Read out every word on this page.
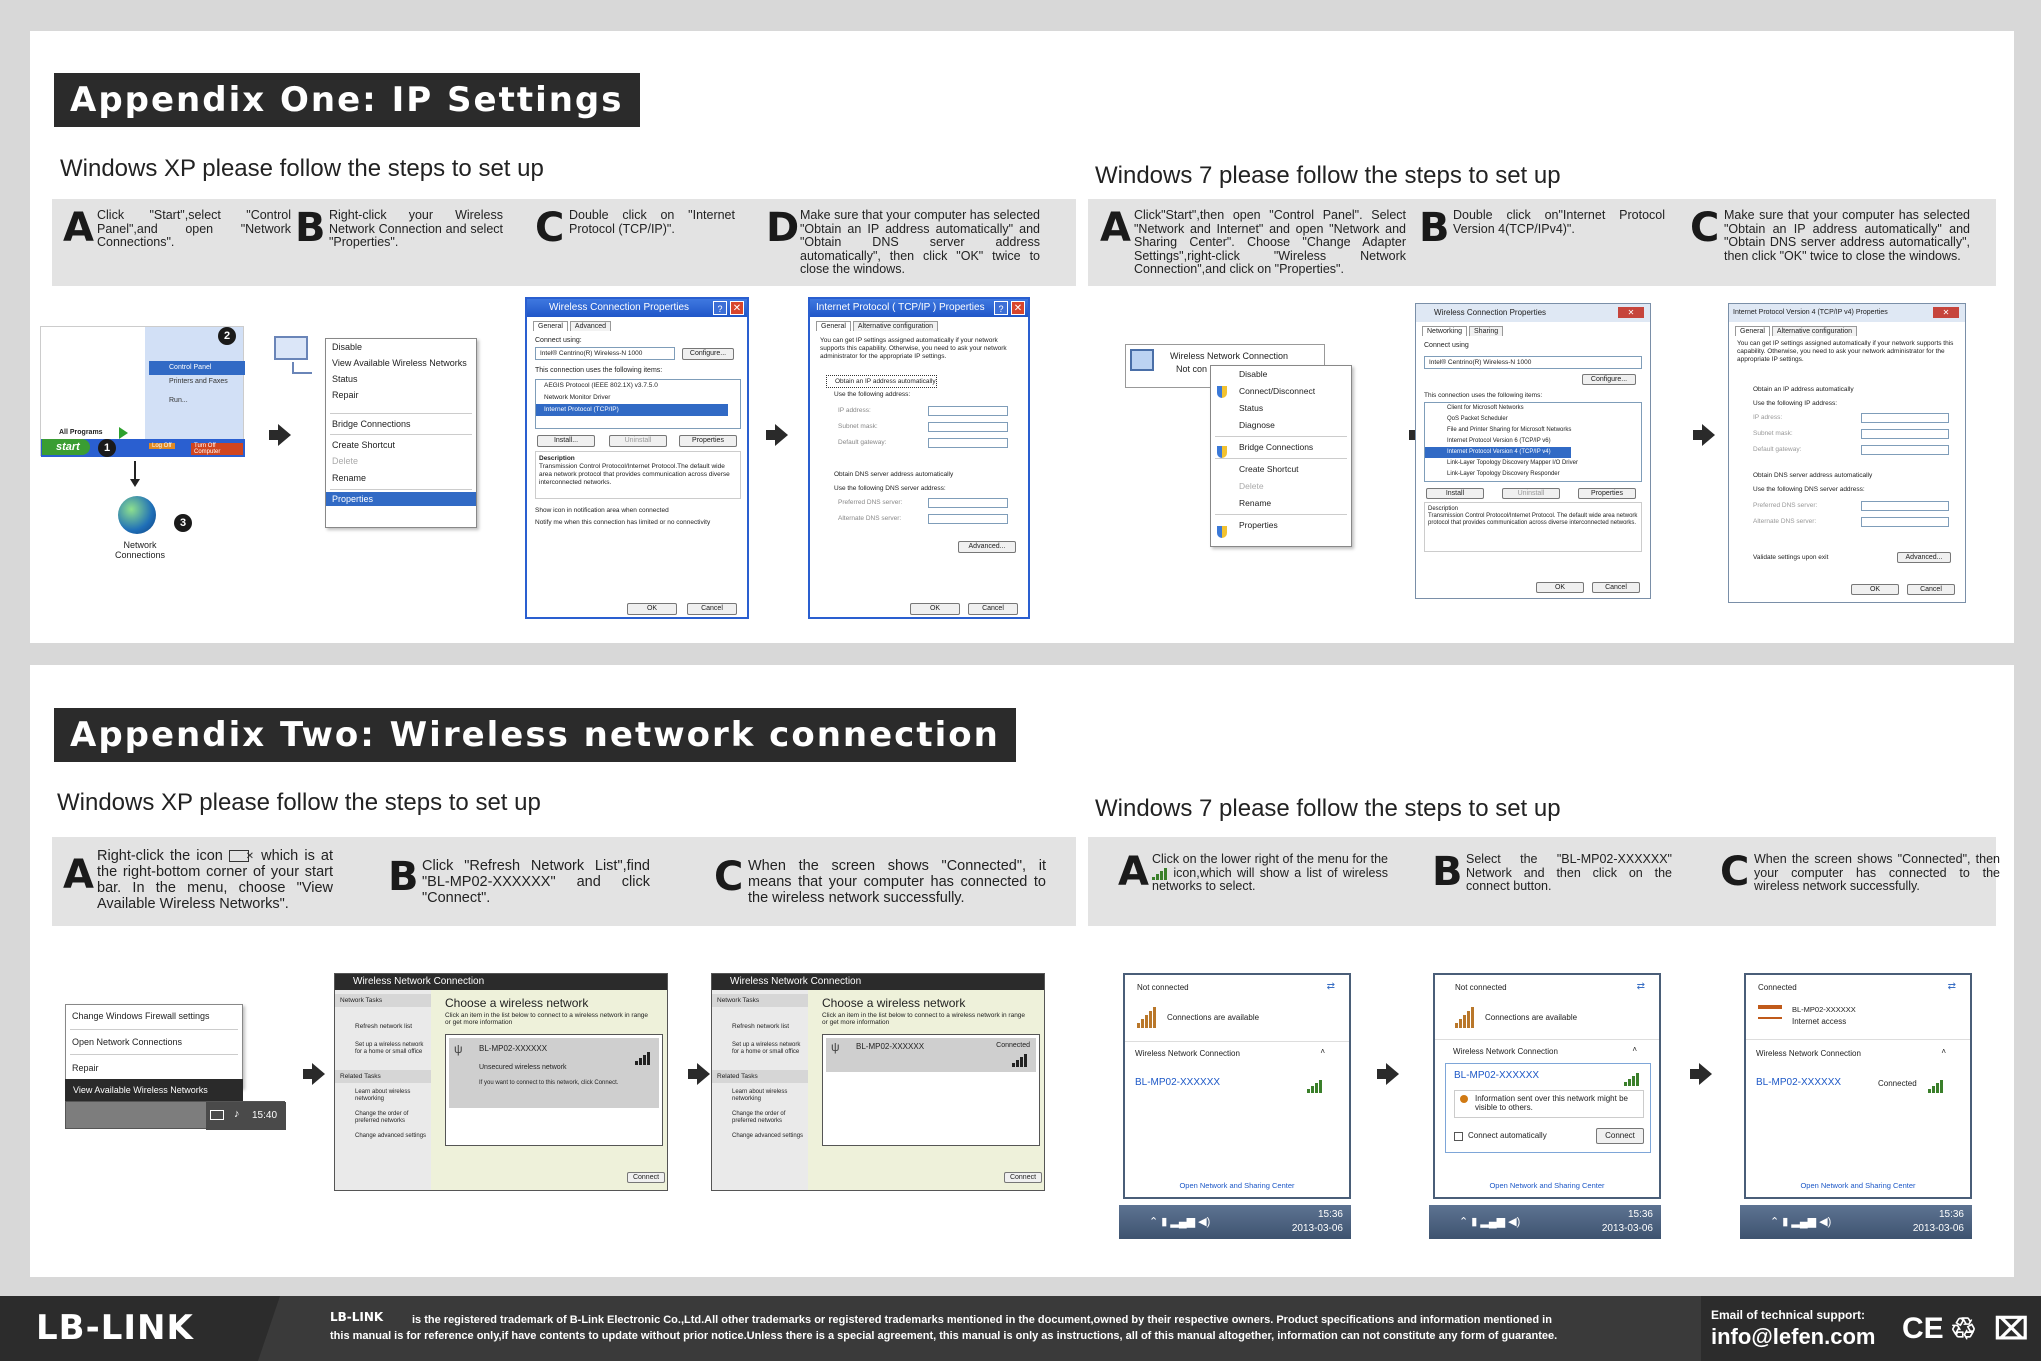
Appendix One: IP Settings
Windows XP please follow the steps to set up	Windows 7 please follow the steps to set up
A Click "Start",select "Control Panel",and open "Network Connections".	B Right-click your Wireless Network Connection and select "Properties".	C Double click on "Internet Protocol (TCP/IP)".	D Make sure that your computer has selected "Obtain an IP address automatically" and "Obtain DNS server address automatically", then click "OK" twice to close the windows.
A Click"Start",then open "Control Panel". Select "Network and Internet" and open "Network and Sharing Center". Choose "Change Adapter Settings",right-click "Wireless Network Connection",and click on "Properties".
B Double click on"Internet Protocol Version 4(TCP/IPv4)".	C Make sure that your computer has selected "Obtain an IP address automatically" and "Obtain DNS server address automatically", then click "OK" twice to close the windows.
Control Panel
Printers and Faxes
Run...
All Programs
Log Off	Turn Off Computer
start	1
2
3
Network Connections
Disable
View Available Wireless Networks
Status
Repair
Bridge Connections
Create Shortcut
Delete
Rename
Properties
Wireless Connection Properties	?	✕
General	Advanced
Connect using:
Intel® Centrino(R) Wireless-N 1000	Configure...
This connection uses the following items:
AEGIS Protocol (IEEE 802.1X) v3.7.5.0
Network Monitor Driver
Internet Protocol (TCP/IP)
Install...	Uninstall	Properties
Description
Transmission Control Protocol/Internet Protocol.The default wide area network protocol that provides communication across diverse interconnected networks.
Show icon in notification area when connected
Notify me when this connection has limited or no connectivity
OK	Cancel
Internet Protocol ( TCP/IP ) Properties	?	✕
General	Alternative configuration
You can get IP settings assigned automatically if your network supports this capability. Otherwise, you need to ask your network administrator for the appropriate IP settings.
Obtain an IP address automatically
Use the following address:
IP address:
Subnet mask:
Default gateway:
Obtain DNS server address automatically
Use the following DNS server address:
Preferred DNS server:
Alternate DNS server:
Advanced...
OK	Cancel
Wireless Network Connection
Not con	Disable
Connect/Disconnect
Status
Diagnose
Bridge Connections
Create Shortcut
Delete
Rename
Properties
Wireless Connection Properties	✕
Networking	Sharing
Connect using
Intel® Centrino(R) Wireless-N 1000
Configure...
This connection uses the following items:
Client for Microsoft Networks
QoS Packet Scheduler
File and Printer Sharing for Microsoft Networks
Internet Protocol Version 6 (TCP/IP v6)
Internet Protocol Version 4 (TCP/IP v4)
Link-Layer Topology Discovery Mapper I/O Driver
Link-Layer Topology Discovery Responder
Install	Uninstall	Properties
Description
Transmission Control Protocol/Internet Protocol. The default wide area network protocol that provides communication across diverse interconnected networks.
OK	Cancel
Internet Protocol Version 4 (TCP/IP v4) Properties	✕
General	Alternative configuration
You can get IP settings assigned automatically if your network supports this capability. Otherwise, you need to ask your network administrator for the appropriate IP settings.
Obtain an IP address automatically
Use the following IP address:
IP adress:
Subnet mask:
Default gateway:
Obtain DNS server address automatically
Use the following DNS server address:
Preferred DNS server:
Alternate DNS server:
Validate settings upon exit	Advanced...
OK	Cancel
Appendix Two: Wireless network connection
Windows XP please follow the steps to set up	Windows 7 please follow the steps to set up
A Right-click the icon ✕ which is at the right-bottom corner of your start bar. In the menu, choose "View Available Wireless Networks".
B Click "Refresh Network List",find "BL-MP02-XXXXXX" and click "Connect".	C When the screen shows "Connected", it means that your computer has connected to the wireless network successfully.
A Click on the lower right of the menu for the  icon,which will show a list of wireless networks to select.	B Select the "BL-MP02-XXXXXX" Network and then click on the connect button.	C When the screen shows "Connected", then your computer has connected to the wireless network successfully.
Change Windows Firewall settings
Open Network Connections
Repair
View Available Wireless Networks
♪ 15:40
Wireless Network Connection
Network Tasks
Refresh network list
Set up a wireless network for a home or small office
Related Tasks
Learn about wireless networking
Change the order of preferred networks
Change advanced settings
Choose a wireless network
Click an item in the list below to connect to a wireless network in range or get more information
ψ BL-MP02-XXXXXX
Unsecured wireless network
If you want to connect to this network, click Connect.
Connect
Wireless Network Connection
Network Tasks
Refresh network list
Set up a wireless network for a home or small office
Related Tasks
Learn about wireless networking
Change the order of preferred networks
Change advanced settings
Choose a wireless network
Click an item in the list below to connect to a wireless network in range or get more information
ψ BL-MP02-XXXXXX	Connected
Connect
Not connected	⇄
Connections are available
Wireless Network Connection	˄
BL-MP02-XXXXXX
Open Network and Sharing Center
⌃ ▮ ▂▄▆ ◀)
15:36
2013-03-06
Not connected	⇄
Connections are available
Wireless Network Connection	˄
BL-MP02-XXXXXX
Information sent over this network might be visible to others.
Connect automatically	Connect
Open Network and Sharing Center
⌃ ▮ ▂▄▆ ◀)
15:36
2013-03-06
Connected	⇄
BL-MP02-XXXXXX
Internet access
Wireless Network Connection	˄
BL-MP02-XXXXXX	Connected
Open Network and Sharing Center
⌃ ▮ ▂▄▆ ◀)
15:36
2013-03-06
LB-LINK	LB-LINK	is the registered trademark of B-Link Electronic Co.,Ltd.All other trademarks or registered trademarks mentioned in the document,owned by their respective owners. Product specifications and information mentioned in
this manual is for reference only,if have contents to update without prior notice.Unless there is a special agreement, this manual is only as instructions, all of this manual altogether, information can not constitute any form of guarantee.
Email of technical support:
info@lefen.com CE ♲ ⌧
